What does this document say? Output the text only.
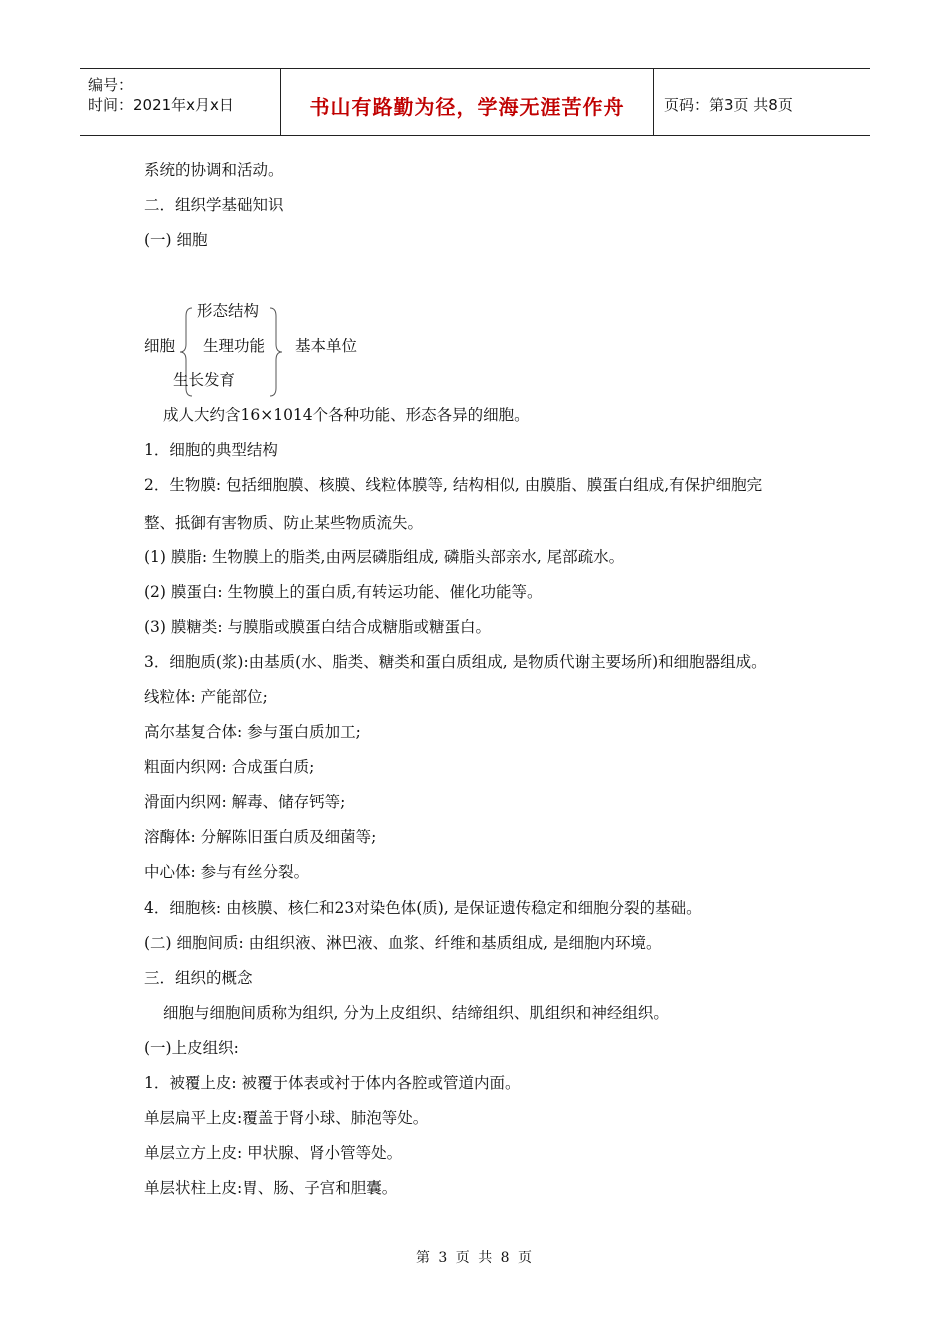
编号：
时间：2021年x月x日	书山有路勤为径，学海无涯苦作舟	页码：第3页 共8页
系统的协调和活动。
二．组织学基础知识
(一) 细胞
细胞
形态结构
生理功能
生长发育
基本单位
成人大约含16×1014个各种功能、形态各异的细胞。
1．细胞的典型结构
2．生物膜: 包括细胞膜、核膜、线粒体膜等, 结构相似, 由膜脂、膜蛋白组成,有保护细胞完
整、抵御有害物质、防止某些物质流失。
(1) 膜脂: 生物膜上的脂类,由两层磷脂组成, 磷脂头部亲水, 尾部疏水。
(2) 膜蛋白: 生物膜上的蛋白质,有转运功能、催化功能等。
(3) 膜糖类: 与膜脂或膜蛋白结合成糖脂或糖蛋白。
3．细胞质(浆):由基质(水、脂类、糖类和蛋白质组成, 是物质代谢主要场所)和细胞器组成。
线粒体: 产能部位;
高尔基复合体: 参与蛋白质加工;
粗面内织网: 合成蛋白质;
滑面内织网: 解毒、储存钙等;
溶酶体: 分解陈旧蛋白质及细菌等;
中心体: 参与有丝分裂。
4．细胞核: 由核膜、核仁和23对染色体(质), 是保证遗传稳定和细胞分裂的基础。
(二) 细胞间质: 由组织液、淋巴液、血浆、纤维和基质组成, 是细胞内环境。
三．组织的概念
细胞与细胞间质称为组织, 分为上皮组织、结缔组织、肌组织和神经组织。
(一)上皮组织:
1．被覆上皮: 被覆于体表或衬于体内各腔或管道内面。
单层扁平上皮:覆盖于肾小球、肺泡等处。
单层立方上皮: 甲状腺、肾小管等处。
单层状柱上皮:胃、肠、子宫和胆囊。
第 3 页 共 8 页
